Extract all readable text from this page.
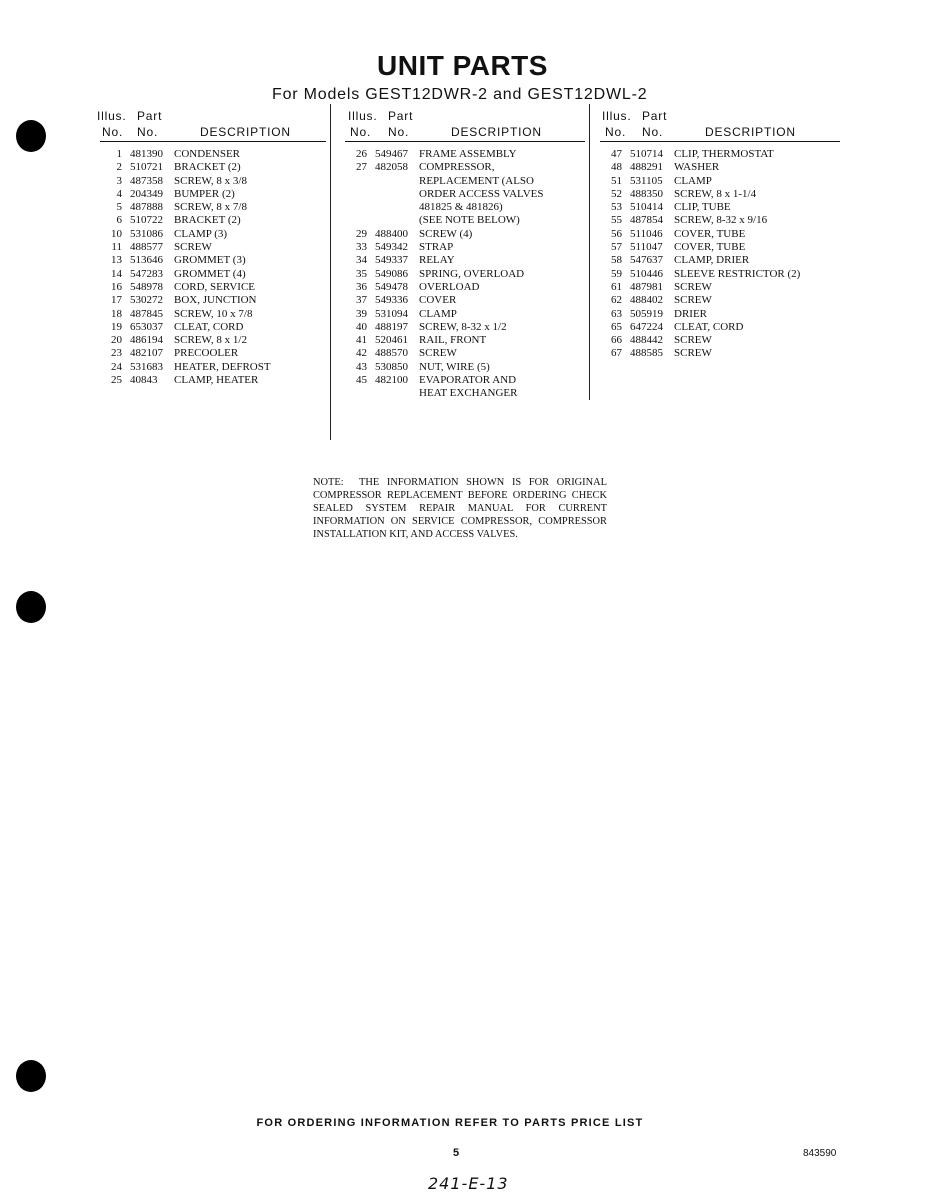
UNIT PARTS
For Models GEST12DWR-2 and GEST12DWL-2
Illus. Part
No. No.	DESCRIPTION
1 481390	CONDENSER
2 510721	BRACKET (2)
3 487358	SCREW, 8 x 3/8
4 204349	BUMPER (2)
5 487888	SCREW, 8 x 7/8
6 510722	BRACKET (2)
10 531086	CLAMP (3)
11 488577	SCREW
13 513646	GROMMET (3)
14 547283	GROMMET (4)
16 548978	CORD, SERVICE
17 530272	BOX, JUNCTION
18 487845	SCREW, 10 x 7/8
19 653037	CLEAT, CORD
20 486194	SCREW, 8 x 1/2
23 482107	PRECOOLER
24 531683	HEATER, DEFROST
25 40843	CLAMP, HEATER
Illus. Part
No. No.	DESCRIPTION
26 549467	FRAME ASSEMBLY
27 482058	COMPRESSOR,
REPLACEMENT (ALSO
ORDER ACCESS VALVES
481825 & 481826)
(SEE NOTE BELOW)
29 488400	SCREW (4)
33 549342	STRAP
34 549337	RELAY
35 549086	SPRING, OVERLOAD
36 549478	OVERLOAD
37 549336	COVER
39 531094	CLAMP
40 488197	SCREW, 8-32 x 1/2
41 520461	RAIL, FRONT
42 488570	SCREW
43 530850	NUT, WIRE (5)
45 482100	EVAPORATOR AND
HEAT EXCHANGER
Illus. Part
No. No.	DESCRIPTION
47 510714	CLIP, THERMOSTAT
48 488291	WASHER
51 531105	CLAMP
52 488350	SCREW, 8 x 1-1/4
53 510414	CLIP, TUBE
55 487854	SCREW, 8-32 x 9/16
56 511046	COVER, TUBE
57 511047	COVER, TUBE
58 547637	CLAMP, DRIER
59 510446	SLEEVE RESTRICTOR (2)
61 487981	SCREW
62 488402	SCREW
63 505919	DRIER
65 647224	CLEAT, CORD
66 488442	SCREW
67 488585	SCREW
NOTE: THE INFORMATION SHOWN IS FOR ORIGINAL COMPRESSOR REPLACEMENT BEFORE ORDERING CHECK SEALED SYSTEM REPAIR MANUAL FOR CURRENT INFORMATION ON SERVICE COMPRESSOR, COMPRESSOR INSTALLATION KIT, AND ACCESS VALVES.
FOR ORDERING INFORMATION REFER TO PARTS PRICE LIST
5	843590
241-E-13
